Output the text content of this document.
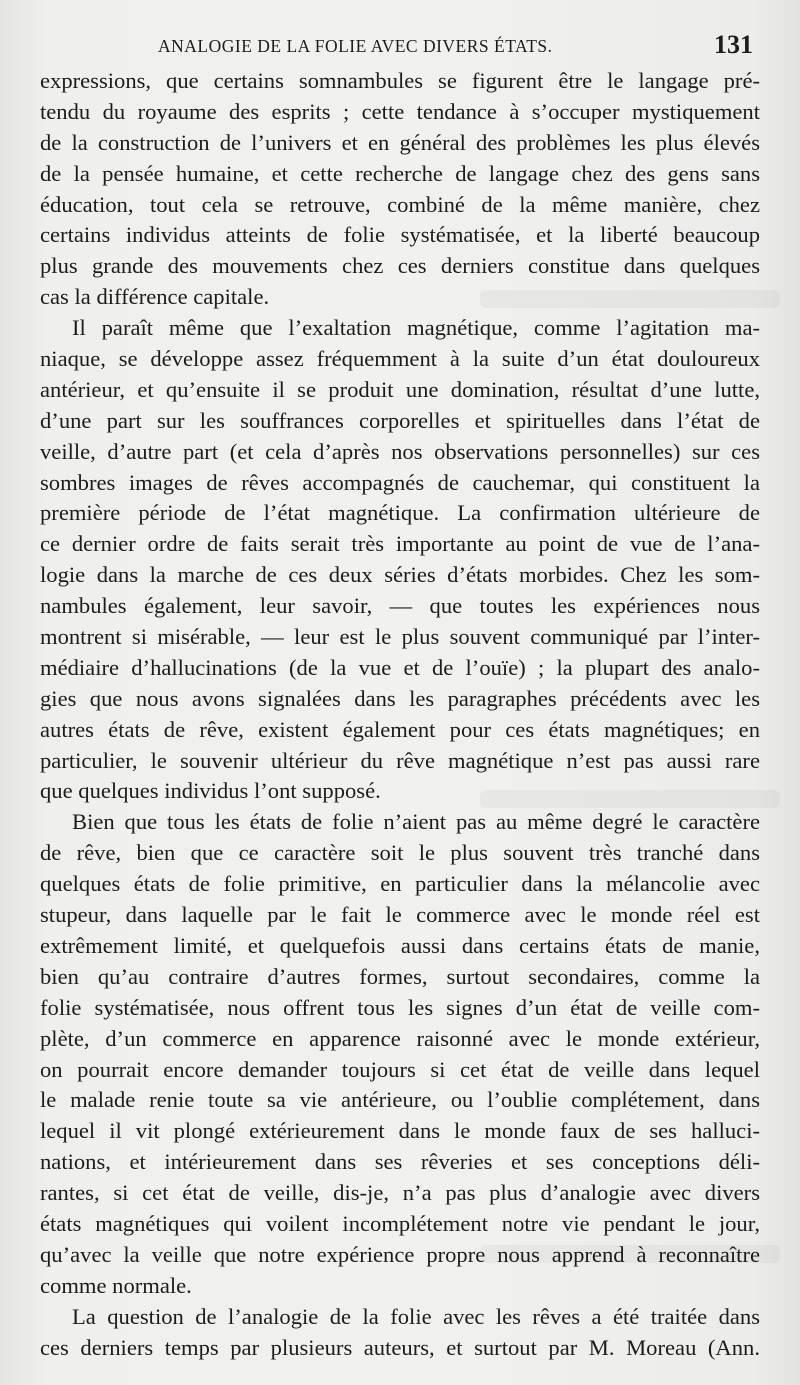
ANALOGIE DE LA FOLIE AVEC DIVERS ÉTATS.	131
expressions, que certains somnambules se figurent être le langage pré-
tendu du royaume des esprits ; cette tendance à s’occuper mystiquement
de la construction de l’univers et en général des problèmes les plus élevés
de la pensée humaine, et cette recherche de langage chez des gens sans
éducation, tout cela se retrouve, combiné de la même manière, chez
certains individus atteints de folie systématisée, et la liberté beaucoup
plus grande des mouvements chez ces derniers constitue dans quelques
cas la différence capitale.
Il paraît même que l’exaltation magnétique, comme l’agitation ma-
niaque, se développe assez fréquemment à la suite d’un état douloureux
antérieur, et qu’ensuite il se produit une domination, résultat d’une lutte,
d’une part sur les souffrances corporelles et spirituelles dans l’état de
veille, d’autre part (et cela d’après nos observations personnelles) sur ces
sombres images de rêves accompagnés de cauchemar, qui constituent la
première période de l’état magnétique. La confirmation ultérieure de
ce dernier ordre de faits serait très importante au point de vue de l’ana-
logie dans la marche de ces deux séries d’états morbides. Chez les som-
nambules également, leur savoir, — que toutes les expériences nous
montrent si misérable, — leur est le plus souvent communiqué par l’inter-
médiaire d’hallucinations (de la vue et de l’ouïe) ; la plupart des analo-
gies que nous avons signalées dans les paragraphes précédents avec les
autres états de rêve, existent également pour ces états magnétiques; en
particulier, le souvenir ultérieur du rêve magnétique n’est pas aussi rare
que quelques individus l’ont supposé.
Bien que tous les états de folie n’aient pas au même degré le caractère
de rêve, bien que ce caractère soit le plus souvent très tranché dans
quelques états de folie primitive, en particulier dans la mélancolie avec
stupeur, dans laquelle par le fait le commerce avec le monde réel est
extrêmement limité, et quelquefois aussi dans certains états de manie,
bien qu’au contraire d’autres formes, surtout secondaires, comme la
folie systématisée, nous offrent tous les signes d’un état de veille com-
plète, d’un commerce en apparence raisonné avec le monde extérieur,
on pourrait encore demander toujours si cet état de veille dans lequel
le malade renie toute sa vie antérieure, ou l’oublie complétement, dans
lequel il vit plongé extérieurement dans le monde faux de ses halluci-
nations, et intérieurement dans ses rêveries et ses conceptions déli-
rantes, si cet état de veille, dis-je, n’a pas plus d’analogie avec divers
états magnétiques qui voilent incomplétement notre vie pendant le jour,
qu’avec la veille que notre expérience propre nous apprend à reconnaître
comme normale.
La question de l’analogie de la folie avec les rêves a été traitée dans
ces derniers temps par plusieurs auteurs, et surtout par M. Moreau (Ann.
